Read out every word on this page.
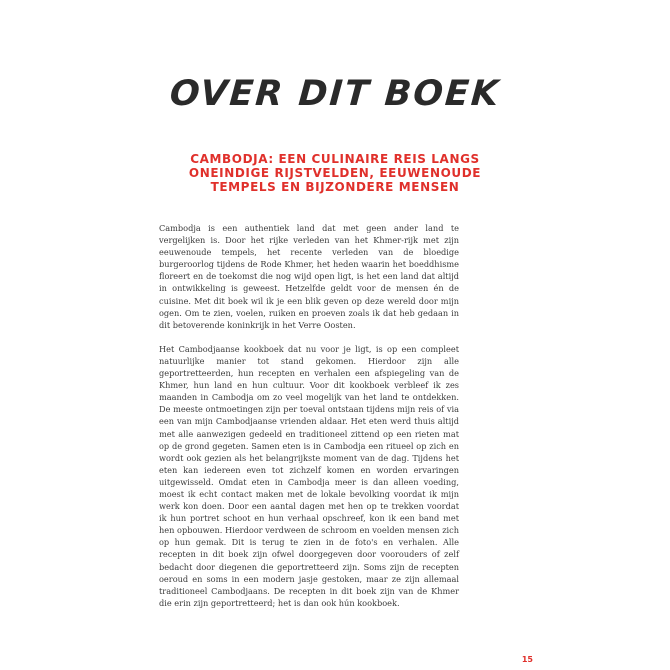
OVER DIT BOEK
CAMBODJA: EEN CULINAIRE REIS LANGS
ONEINDIGE RIJSTVELDEN, EEUWENOUDE
TEMPELS EN BIJZONDERE MENSEN

Cambodja is een authentiek land dat met geen ander land te vergelijken is. Door het rijke verleden van het Khmer-rijk met zijn eeuwenoude tempels, het recente verleden van de bloedige burgeroorlog tijdens de Rode Khmer, het heden waarin het boeddhisme floreert en de toekomst die nog wijd open ligt, is het een land dat altijd in ontwikkeling is geweest. Hetzelfde geldt voor de mensen én de cuisine. Met dit boek wil ik je een blik geven op deze wereld door mijn ogen. Om te zien, voelen, ruiken en proeven zoals ik dat heb gedaan in dit betoverende koninkrijk in het Verre Oosten.

Het Cambodjaanse kookboek dat nu voor je ligt, is op een compleet natuurlijke manier tot stand gekomen. Hierdoor zijn alle geportretteerden, hun recepten en verhalen een afspiegeling van de Khmer, hun land en hun cultuur. Voor dit kookboek verbleef ik zes maanden in Cambodja om zo veel mogelijk van het land te ontdekken. De meeste ontmoetingen zijn per toeval ontstaan tijdens mijn reis of via een van mijn Cambodjaanse vrienden aldaar. Het eten werd thuis altijd met alle aanwezigen gedeeld en traditioneel zittend op een rieten mat op de grond gegeten. Samen eten is in Cambodja een ritueel op zich en wordt ook gezien als het belangrijkste moment van de dag. Tijdens het eten kan iedereen even tot zichzelf komen en worden ervaringen uitgewisseld. Omdat eten in Cambodja meer is dan alleen voeding, moest ik echt contact maken met de lokale bevolking voordat ik mijn werk kon doen. Door een aantal dagen met hen op te trekken voordat ik hun portret schoot en hun verhaal opschreef, kon ik een band met hen opbouwen. Hierdoor verdween de schroom en voelden mensen zich op hun gemak. Dit is terug te zien in de foto's en verhalen. Alle recepten in dit boek zijn ofwel doorgegeven door voorouders of zelf bedacht door diegenen die geportretteerd zijn. Soms zijn de recepten oeroud en soms in een modern jasje gestoken, maar ze zijn allemaal traditioneel Cambodjaans. De recepten in dit boek zijn van de Khmer die erin zijn geportretteerd; het is dan ook hún kookboek.

15
